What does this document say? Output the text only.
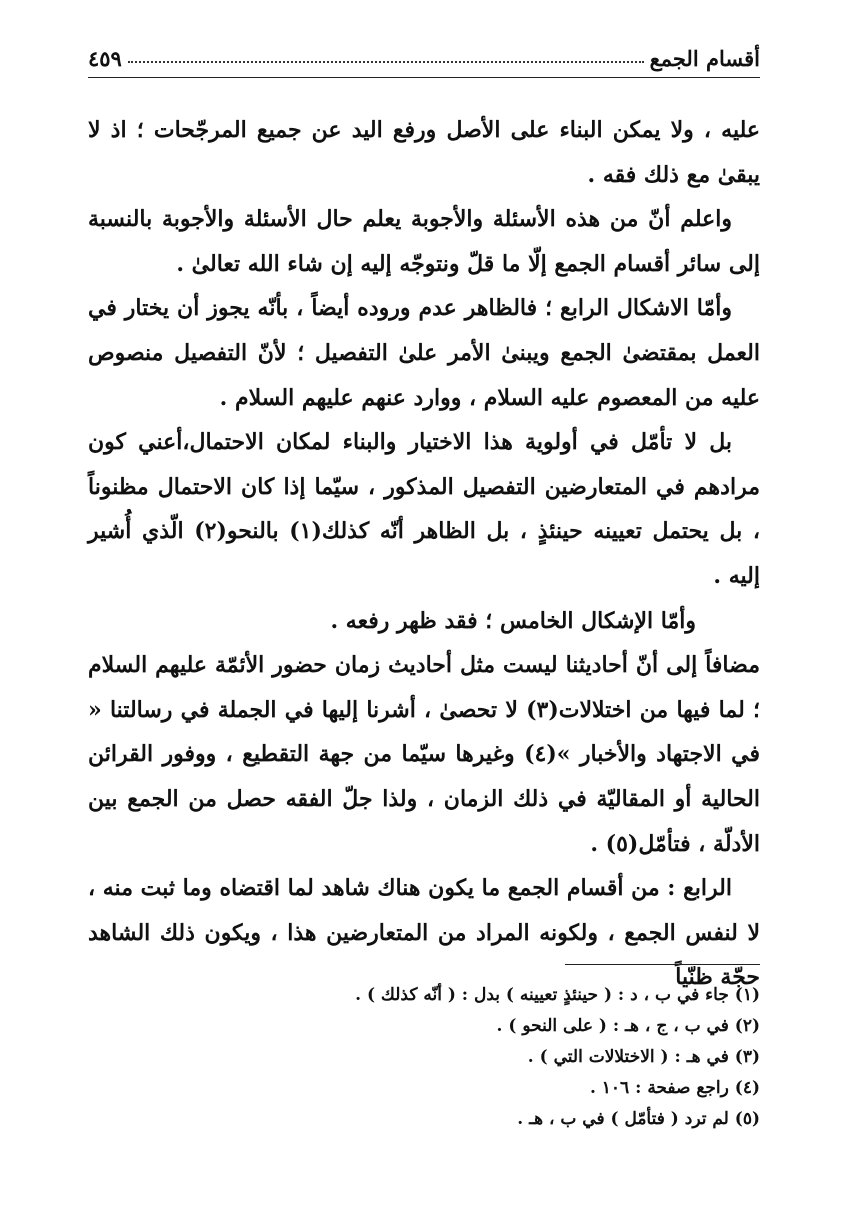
أقسام الجمع
٤٥٩

عليه ، ولا يمكن البناء على الأصل ورفع اليد عن جميع المرجّحات ؛ اذ لا يبقىٰ مع ذلك فقه .

واعلم أنّ من هذه الأسئلة والأجوبة يعلم حال الأسئلة والأجوبة بالنسبة إلى سائر أقسام الجمع إلّا ما قلّ ونتوجّه إليه إن شاء الله تعالىٰ .

وأمّا الاشكال الرابع ؛ فالظاهر عدم وروده أيضاً ، بأنّه يجوز أن يختار في العمل بمقتضىٰ الجمع ويبنىٰ الأمر علىٰ التفصيل ؛ لأنّ التفصيل منصوص عليه من المعصوم عليه السلام ، ووارد عنهم عليهم السلام .

بل لا تأمّل في أولوية هذا الاختيار والبناء لمكان الاحتمال،أعني كون مرادهم في المتعارضين التفصيل المذكور ، سيّما إذا كان الاحتمال مظنوناً ، بل يحتمل تعيينه حينئذٍ ، بل الظاهر أنّه كذلك(١) بالنحو(٢) الّذي أُشير إليه .

وأمّا الإشكال الخامس ؛ فقد ظهر رفعه .

مضافاً إلى أنّ أحاديثنا ليست مثل أحاديث زمان حضور الأئمّة عليهم السلام ؛ لما فيها من اختلالات(٣) لا تحصىٰ ، أشرنا إليها في الجملة في رسالتنا « في الاجتهاد والأخبار »(٤) وغيرها سيّما من جهة التقطيع ، ووفور القرائن الحالية أو المقاليّة في ذلك الزمان ، ولذا جلّ الفقه حصل من الجمع بين الأدلّة ، فتأمّل(٥) .

الرابع : من أقسام الجمع ما يكون هناك شاهد لما اقتضاه وما ثبت منه ، لا لنفس الجمع ، ولكونه المراد من المتعارضين هذا ، ويكون ذلك الشاهد حجّة ظنّياً

(١) جاء في ب ، د : ( حينئذٍ تعيينه ) بدل : ( أنّه كذلك ) .
(٢) في ب ، ج ، هـ : ( على النحو ) .
(٣) في هـ : ( الاختلالات التي ) .
(٤) راجع صفحة : ١٠٦ .
(٥) لم ترد ( فتأمّل ) في ب ، هـ .
